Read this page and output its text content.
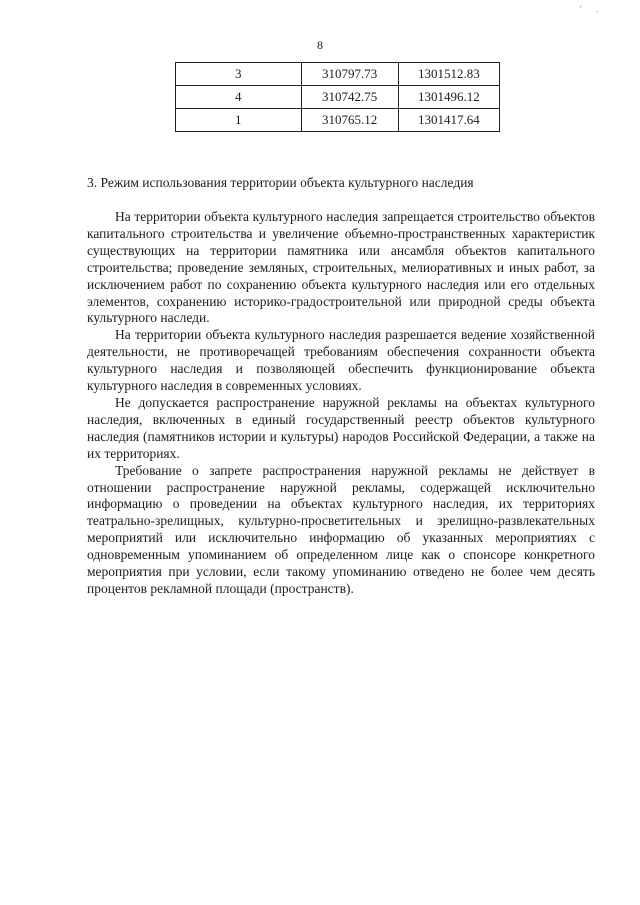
' .
8
3	310797.73	1301512.83
4	310742.75	1301496.12
1	310765.12	1301417.64
3. Режим использования территории объекта культурного наследия

На территории объекта культурного наследия запрещается строительство объектов капитального строительства и увеличение объемно-пространственных характеристик существующих на территории памятника или ансамбля объектов капитального строительства; проведение земляных, строительных, мелиоративных и иных работ, за исключением работ по сохранению объекта культурного наследия или его отдельных элементов, сохранению историко-градостроительной или природной среды объекта культурного наследи.

На территории объекта культурного наследия разрешается ведение хозяйственной деятельности, не противоречащей требованиям обеспечения сохранности объекта культурного наследия и позволяющей обеспечить функционирование объекта культурного наследия в современных условиях.

Не допускается распространение наружной рекламы на объектах культурного наследия, включенных в единый государственный реестр объектов культурного наследия (памятников истории и культуры) народов Российской Федерации, а также на их территориях.

Требование о запрете распространения наружной рекламы не действует в отношении распространение наружной рекламы, содержащей исключительно информацию о проведении на объектах культурного наследия, их территориях театрально-зрелищных, культурно-просветительных и зрелищно-развлекательных мероприятий или исключительно информацию об указанных мероприятиях с одновременным упоминанием об определенном лице как о спонсоре конкретного мероприятия при условии, если такому упоминанию отведено не более чем десять процентов рекламной площади (пространств).
